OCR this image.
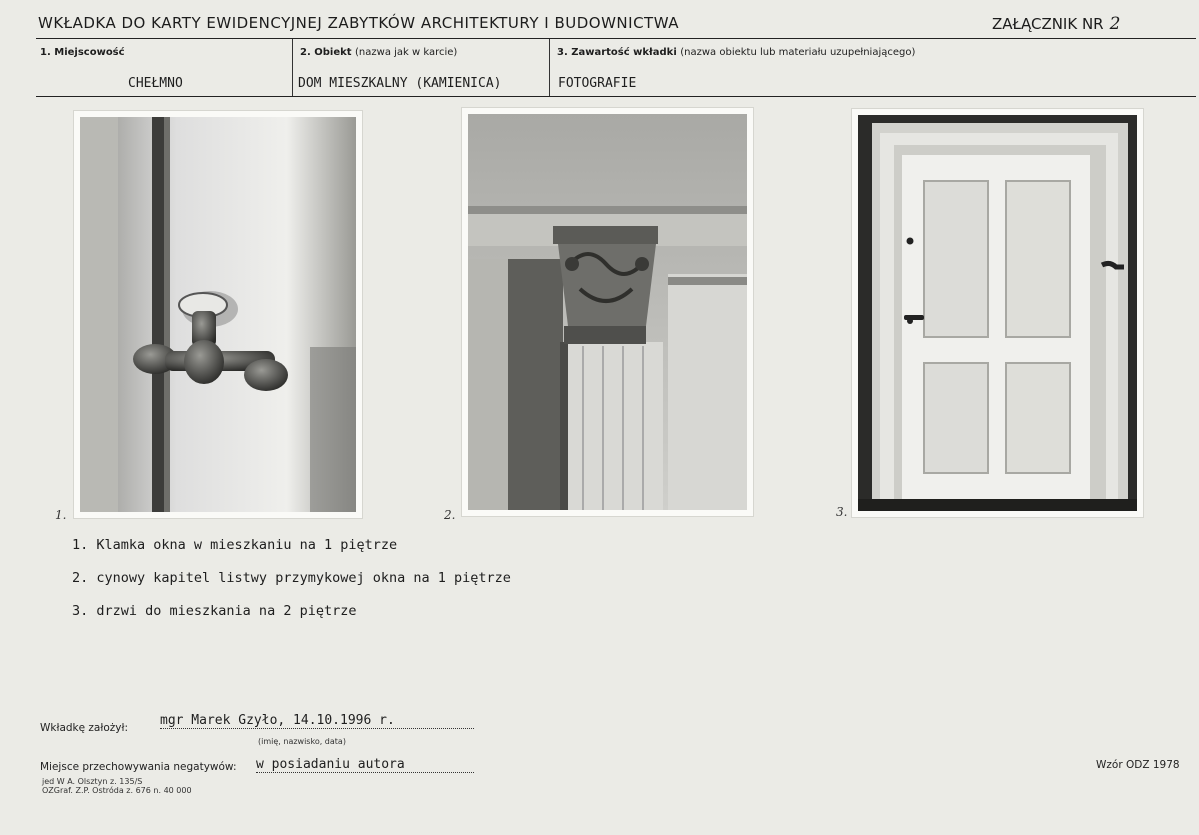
WKŁADKA DO KARTY EWIDENCYJNEJ ZABYTKÓW ARCHITEKTURY I BUDOWNICTWA	ZAŁĄCZNIK NR 2
1. Miejscowość
CHEŁMNO
2. Obiekt (nazwa jak w karcie)
DOM MIESZKALNY (KAMIENICA)
3. Zawartość wkładki (nazwa obiektu lub materiału uzupełniającego)
FOTOGRAFIE
1.	2.	3.
1. Klamka okna w mieszkaniu na 1 piętrze
2. cynowy kapitel listwy przymykowej okna na 1 piętrze
3. drzwi do mieszkania na 2 piętrze
Wkładkę założył: mgr Marek Gzyło, 14.10.1996 r.
(imię, nazwisko, data)
Miejsce przechowywania negatywów: w posiadaniu autora
jed W A. Olsztyn z. 135/S
OZGraf. Z.P. Ostróda z. 676 n. 40 000
Wzór ODZ 1978
